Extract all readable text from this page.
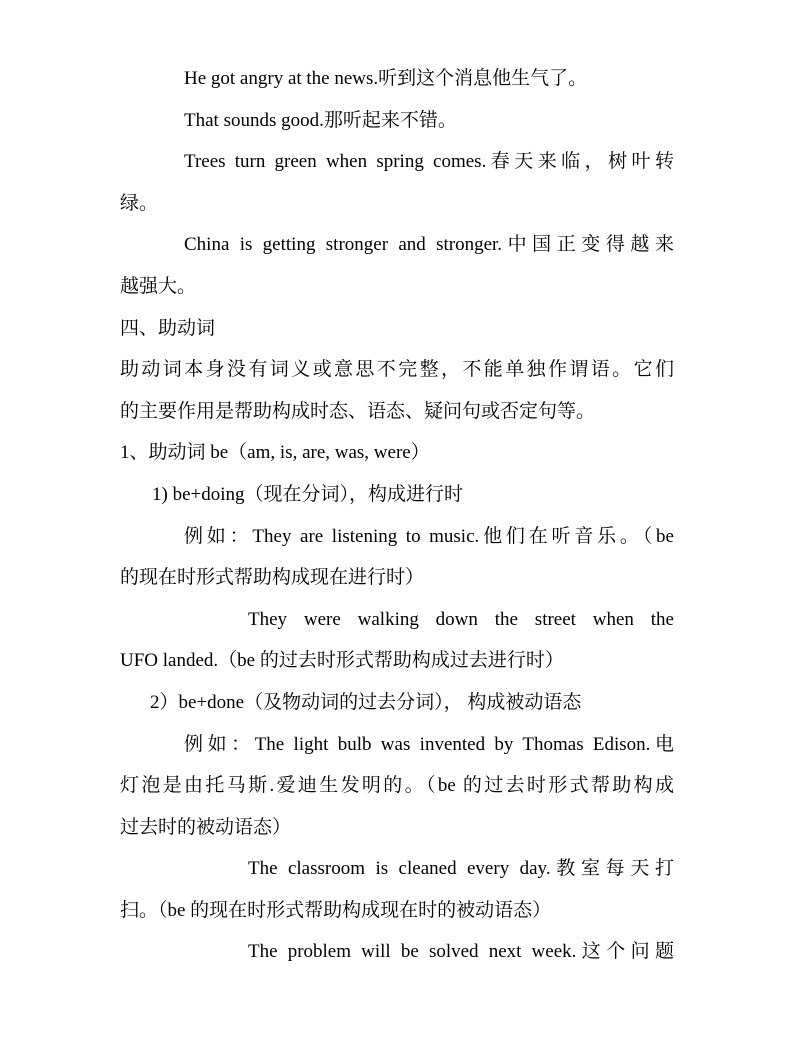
He got angry at the news.听到这个消息他生气了。
That sounds good.那听起来不错。
Trees turn green when spring comes.春天来临，树叶转
绿。
China is getting stronger and stronger.中国正变得越来
越强大。
四、助动词
助动词本身没有词义或意思不完整，不能单独作谓语。它们
的主要作用是帮助构成时态、语态、疑问句或否定句等。
1、助动词 be（am, is, are, was, were）
1) be+doing（现在分词），构成进行时
例如：They are listening to music.他们在听音乐。（be
的现在时形式帮助构成现在进行时）
They were walking down the street when the
UFO landed.（be 的过去时形式帮助构成过去进行时）
2）be+done（及物动词的过去分词）， 构成被动语态
例如：The light bulb was invented by Thomas Edison.电
灯泡是由托马斯.爱迪生发明的。（be 的过去时形式帮助构成
过去时的被动语态）
The classroom is cleaned every day.教室每天打
扫。（be 的现在时形式帮助构成现在时的被动语态）
The problem will be solved next week.这个问题
